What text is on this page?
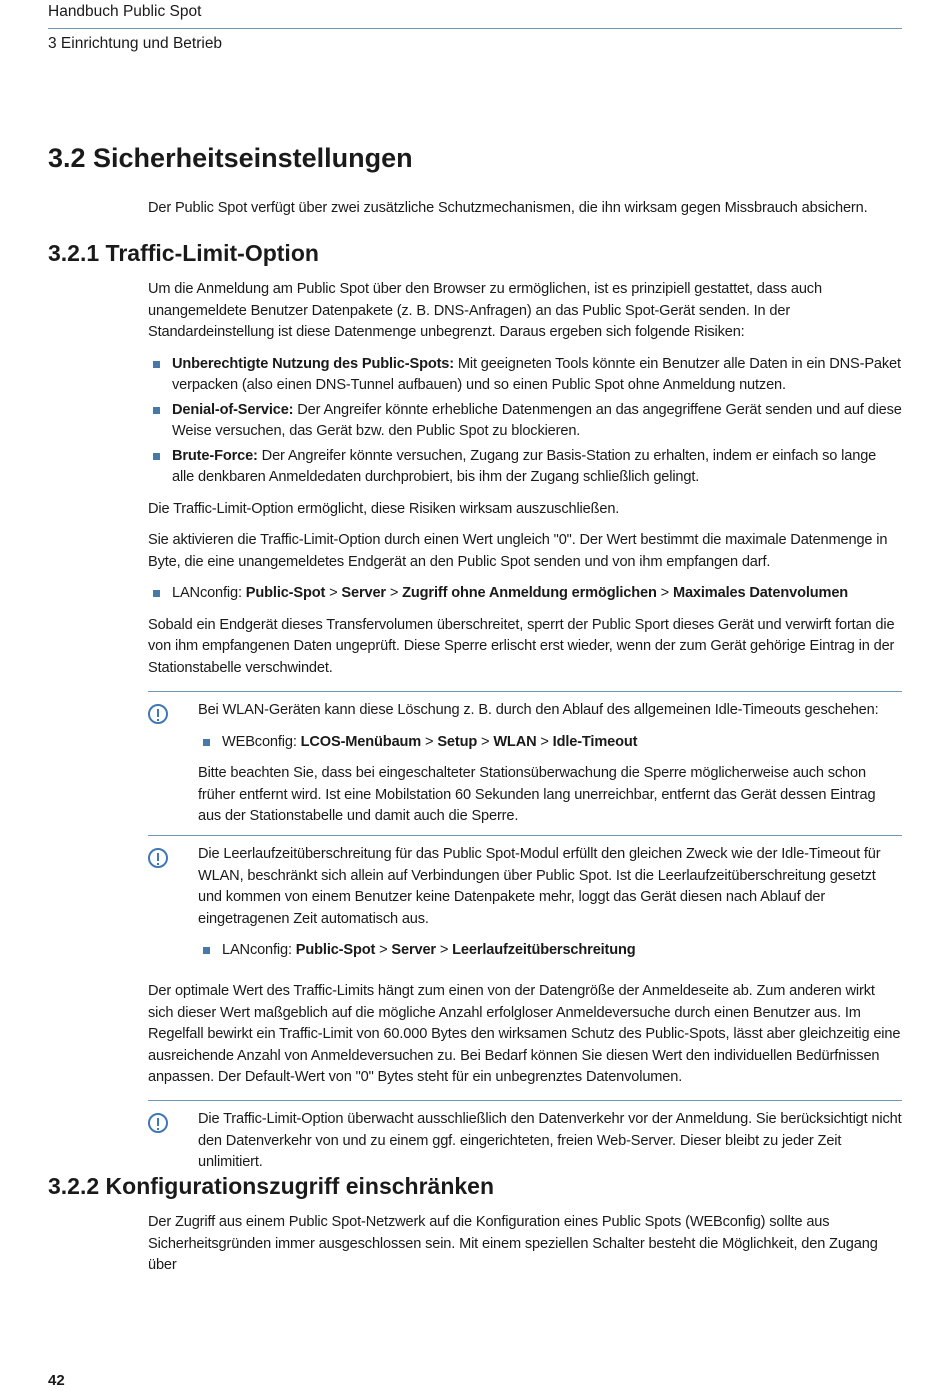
Handbuch Public Spot
3 Einrichtung und Betrieb
3.2 Sicherheitseinstellungen

Der Public Spot verfügt über zwei zusätzliche Schutzmechanismen, die ihn wirksam gegen Missbrauch absichern.

3.2.1 Traffic-Limit-Option

Um die Anmeldung am Public Spot über den Browser zu ermöglichen, ist es prinzipiell gestattet, dass auch unangemeldete Benutzer Datenpakete (z. B. DNS-Anfragen) an das Public Spot-Gerät senden. In der Standardeinstellung ist diese Datenmenge unbegrenzt. Daraus ergeben sich folgende Risiken:

Unberechtigte Nutzung des Public-Spots: Mit geeigneten Tools könnte ein Benutzer alle Daten in ein DNS-Paket verpacken (also einen DNS-Tunnel aufbauen) und so einen Public Spot ohne Anmeldung nutzen.
Denial-of-Service: Der Angreifer könnte erhebliche Datenmengen an das angegriffene Gerät senden und auf diese Weise versuchen, das Gerät bzw. den Public Spot zu blockieren.
Brute-Force: Der Angreifer könnte versuchen, Zugang zur Basis-Station zu erhalten, indem er einfach so lange alle denkbaren Anmeldedaten durchprobiert, bis ihm der Zugang schließlich gelingt.

Die Traffic-Limit-Option ermöglicht, diese Risiken wirksam auszuschließen.

Sie aktivieren die Traffic-Limit-Option durch einen Wert ungleich "0". Der Wert bestimmt die maximale Datenmenge in Byte, die eine unangemeldetes Endgerät an den Public Spot senden und von ihm empfangen darf.

LANconfig: Public-Spot > Server > Zugriff ohne Anmeldung ermöglichen > Maximales Datenvolumen

Sobald ein Endgerät dieses Transfervolumen überschreitet, sperrt der Public Sport dieses Gerät und verwirft fortan die von ihm empfangenen Daten ungeprüft. Diese Sperre erlischt erst wieder, wenn der zum Gerät gehörige Eintrag in der Stationstabelle verschwindet.

Bei WLAN-Geräten kann diese Löschung z. B. durch den Ablauf des allgemeinen Idle-Timeouts geschehen:

WEBconfig: LCOS-Menübaum > Setup > WLAN > Idle-Timeout

Bitte beachten Sie, dass bei eingeschalteter Stationsüberwachung die Sperre möglicherweise auch schon früher entfernt wird. Ist eine Mobilstation 60 Sekunden lang unerreichbar, entfernt das Gerät dessen Eintrag aus der Stationstabelle und damit auch die Sperre.

Die Leerlaufzeitüberschreitung für das Public Spot-Modul erfüllt den gleichen Zweck wie der Idle-Timeout für WLAN, beschränkt sich allein auf Verbindungen über Public Spot. Ist die Leerlaufzeitüberschreitung gesetzt und kommen von einem Benutzer keine Datenpakete mehr, loggt das Gerät diesen nach Ablauf der eingetragenen Zeit automatisch aus.

LANconfig: Public-Spot > Server > Leerlaufzeitüberschreitung

Der optimale Wert des Traffic-Limits hängt zum einen von der Datengröße der Anmeldeseite ab. Zum anderen wirkt sich dieser Wert maßgeblich auf die mögliche Anzahl erfolgloser Anmeldeversuche durch einen Benutzer aus. Im Regelfall bewirkt ein Traffic-Limit von 60.000 Bytes den wirksamen Schutz des Public-Spots, lässt aber gleichzeitig eine ausreichende Anzahl von Anmeldeversuchen zu. Bei Bedarf können Sie diesen Wert den individuellen Bedürfnissen anpassen. Der Default-Wert von "0" Bytes steht für ein unbegrenztes Datenvolumen.

Die Traffic-Limit-Option überwacht ausschließlich den Datenverkehr vor der Anmeldung. Sie berücksichtigt nicht den Datenverkehr von und zu einem ggf. eingerichteten, freien Web-Server. Dieser bleibt zu jeder Zeit unlimitiert.

3.2.2 Konfigurationszugriff einschränken

Der Zugriff aus einem Public Spot-Netzwerk auf die Konfiguration eines Public Spots (WEBconfig) sollte aus Sicherheitsgründen immer ausgeschlossen sein. Mit einem speziellen Schalter besteht die Möglichkeit, den Zugang über

42
